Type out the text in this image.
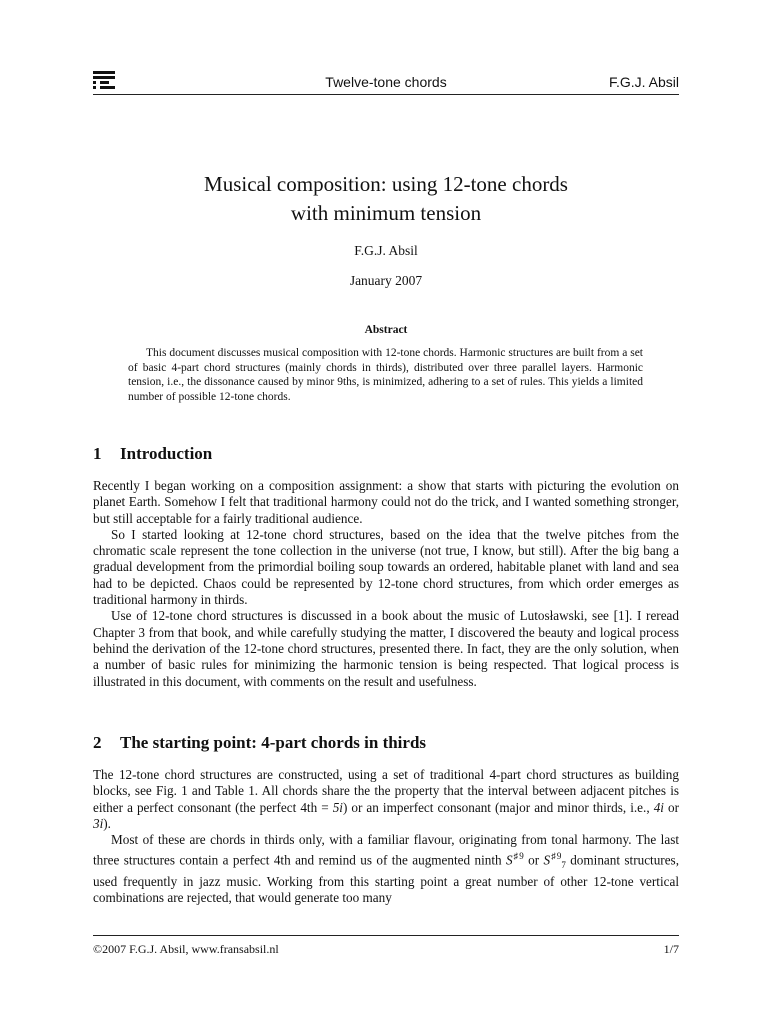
Twelve-tone chords	F.G.J. Absil
Musical composition: using 12-tone chords
with minimum tension
F.G.J. Absil
January 2007
Abstract
This document discusses musical composition with 12-tone chords. Harmonic structures are built from a set of basic 4-part chord structures (mainly chords in thirds), distributed over three parallel layers. Harmonic tension, i.e., the dissonance caused by minor 9ths, is minimized, adhering to a set of rules. This yields a limited number of possible 12-tone chords.
1 Introduction

Recently I began working on a composition assignment: a show that starts with picturing the evolution on planet Earth. Somehow I felt that traditional harmony could not do the trick, and I wanted something stronger, but still acceptable for a fairly traditional audience.

So I started looking at 12-tone chord structures, based on the idea that the twelve pitches from the chromatic scale represent the tone collection in the universe (not true, I know, but still). After the big bang a gradual development from the primordial boiling soup towards an ordered, habitable planet with land and sea had to be depicted. Chaos could be represented by 12-tone chord structures, from which order emerges as traditional harmony in thirds.

Use of 12-tone chord structures is discussed in a book about the music of Lutosławski, see [1]. I reread Chapter 3 from that book, and while carefully studying the matter, I discovered the beauty and logical process behind the derivation of the 12-tone chord structures, presented there. In fact, they are the only solution, when a number of basic rules for minimizing the harmonic tension is being respected. That logical process is illustrated in this document, with comments on the result and usefulness.

2 The starting point: 4-part chords in thirds

The 12-tone chord structures are constructed, using a set of traditional 4-part chord structures as building blocks, see Fig. 1 and Table 1. All chords share the the property that the interval between adjacent pitches is either a perfect consonant (the perfect 4th = 5i) or an imperfect consonant (major and minor thirds, i.e., 4i or 3i).

Most of these are chords in thirds only, with a familiar flavour, originating from tonal harmony. The last three structures contain a perfect 4th and remind us of the augmented ninth S$^{♯9}$ or S$^{♯9}_7$ dominant structures, used frequently in jazz music. Working from this starting point a great number of other 12-tone vertical combinations are rejected, that would generate too many

©2007 F.G.J. Absil, www.fransabsil.nl	1/7
